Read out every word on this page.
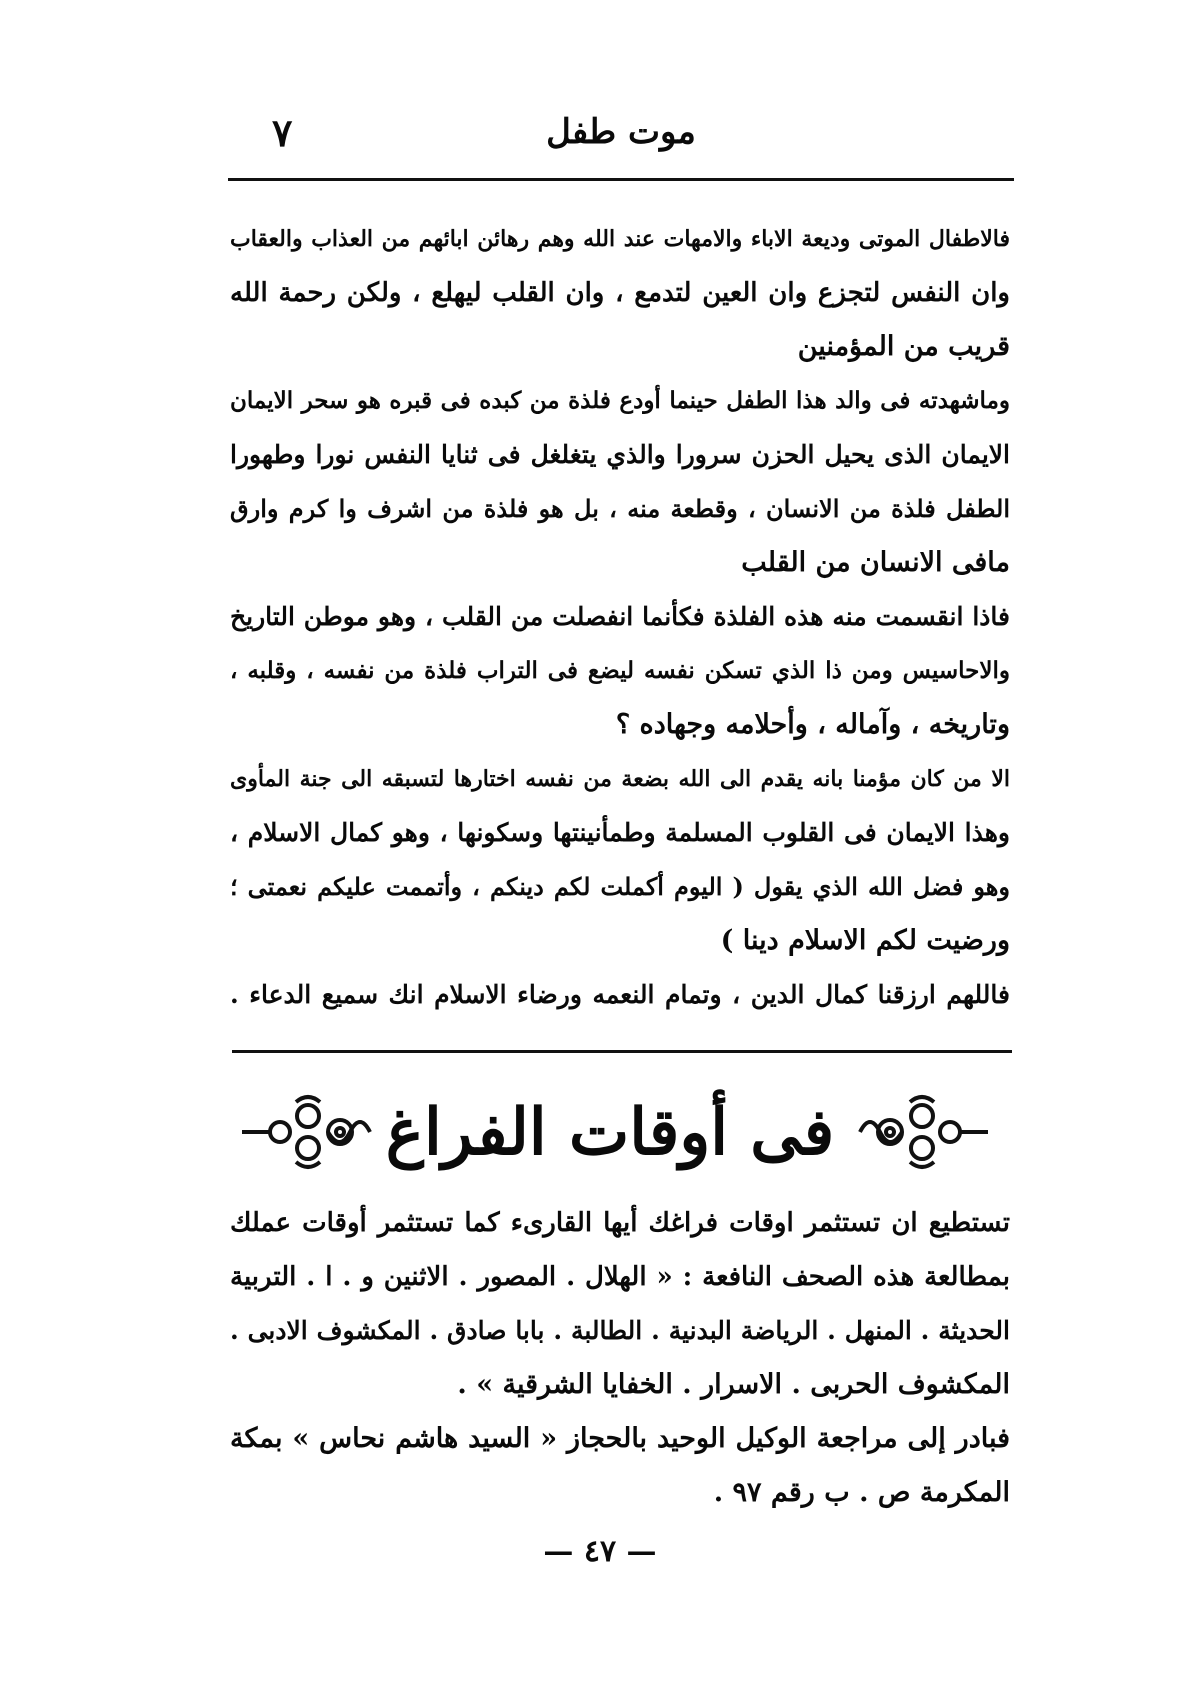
موت طفل
٧
فالاطفال الموتى وديعة الاباء والامهات عند الله وهم رهائن ابائهم من العذاب والعقاب
وان النفس لتجزع وان العين لتدمع ، وان القلب ليهلع ، ولكن رحمة الله
قريب من المؤمنين
وماشهدته فى والد هذا الطفل حينما أودع فلذة من كبده فى قبره هو سحر الايمان
الايمان الذى يحيل الحزن سرورا والذي يتغلغل فى ثنايا النفس نورا وطهورا
الطفل فلذة من الانسان ، وقطعة منه ، بل هو فلذة من اشرف وا كرم وارق
مافى الانسان من القلب
فاذا انقسمت منه هذه الفلذة فكأنما انفصلت من القلب ، وهو موطن التاريخ
والاحاسيس ومن ذا الذي تسكن نفسه ليضع فى التراب فلذة من نفسه ، وقلبه ،
وتاريخه ، وآماله ، وأحلامه وجهاده ؟
الا من كان مؤمنا بانه يقدم الى الله بضعة من نفسه اختارها لتسبقه الى جنة المأوى
وهذا الايمان فى القلوب المسلمة وطمأنينتها وسكونها ، وهو كمال الاسلام ،
وهو فضل الله الذي يقول ( اليوم أكملت لكم دينكم ، وأتممت عليكم نعمتى ؛
ورضيت لكم الاسلام دينا )
فاللهم ارزقنا كمال الدين ، وتمام النعمه ورضاء الاسلام انك سميع الدعاء .
فى أوقات الفراغ
تستطيع ان تستثمر اوقات فراغك أيها القارىء كما تستثمر أوقات عملك
بمطالعة هذه الصحف النافعة : « الهلال . المصور . الاثنين و . ا . التربية
الحديثة . المنهل . الرياضة البدنية . الطالبة . بابا صادق . المكشوف الادبى .
المكشوف الحربى . الاسرار . الخفايا الشرقية » .
فبادر إلى مراجعة الوكيل الوحيد بالحجاز « السيد هاشم نحاس » بمكة
المكرمة ص . ب رقم ٩٧ .
— ٤٧ —
